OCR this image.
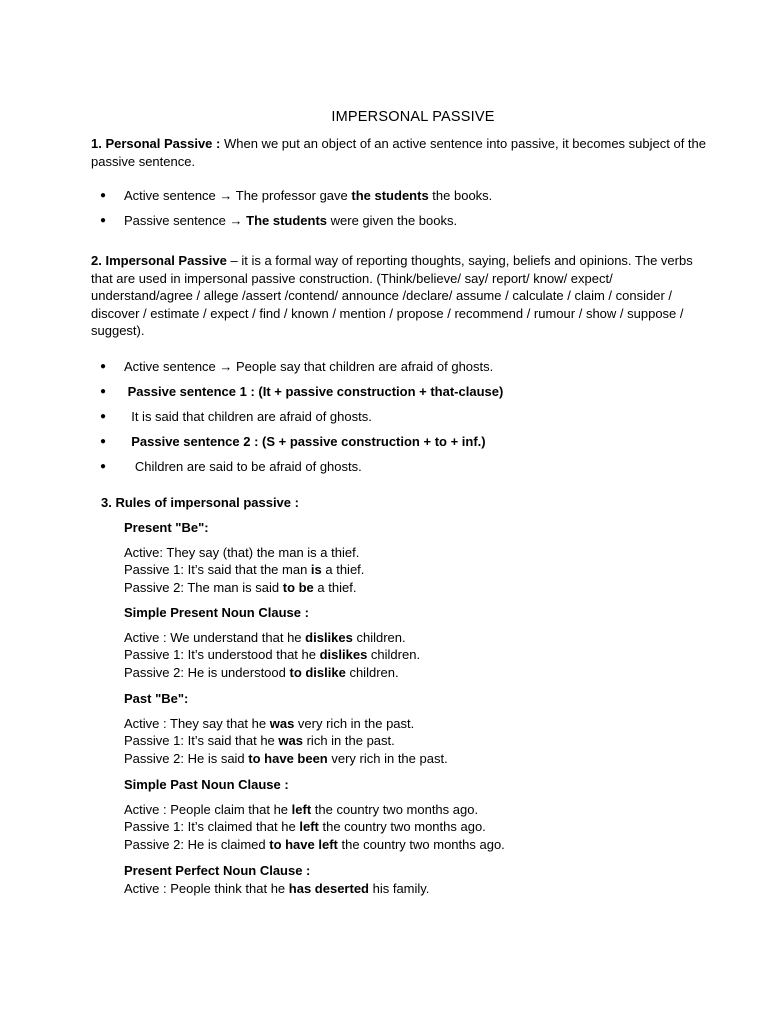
IMPERSONAL PASSIVE
1. Personal Passive : When we put an object of an active sentence into passive, it becomes subject of the passive sentence.
●	Active sentence → The professor gave the students the books.
●	Passive sentence → The students were given the books.
2. Impersonal Passive – it is a formal way of reporting thoughts, saying, beliefs and opinions. The verbs that are used in impersonal passive construction. (Think/believe/ say/ report/ know/ expect/ understand/agree / allege /assert /contend/ announce /declare/ assume / calculate / claim / consider / discover / estimate / expect / find / known / mention / propose / recommend / rumour / show / suppose / suggest).
●	Active sentence → People say that children are afraid of ghosts.
●	Passive sentence 1 : (It + passive construction + that-clause)
●	It is said that children are afraid of ghosts.
●	Passive sentence 2 : (S + passive construction + to + inf.)
●	Children are said to be afraid of ghosts.
3. Rules of impersonal passive :
Present "Be":
Active: They say (that) the man is a thief.
Passive 1: It’s said that the man is a thief.
Passive 2: The man is said to be a thief.
Simple Present Noun Clause :
Active : We understand that he dislikes children.
Passive 1: It’s understood that he dislikes children.
Passive 2: He is understood to dislike children.
Past "Be":
Active : They say that he was very rich in the past.
Passive 1: It’s said that he was rich in the past.
Passive 2: He is said to have been very rich in the past.
Simple Past Noun Clause :
Active : People claim that he left the country two months ago.
Passive 1: It’s claimed that he left the country two months ago.
Passive 2: He is claimed to have left the country two months ago.
Present Perfect Noun Clause :
Active : People think that he has deserted his family.
